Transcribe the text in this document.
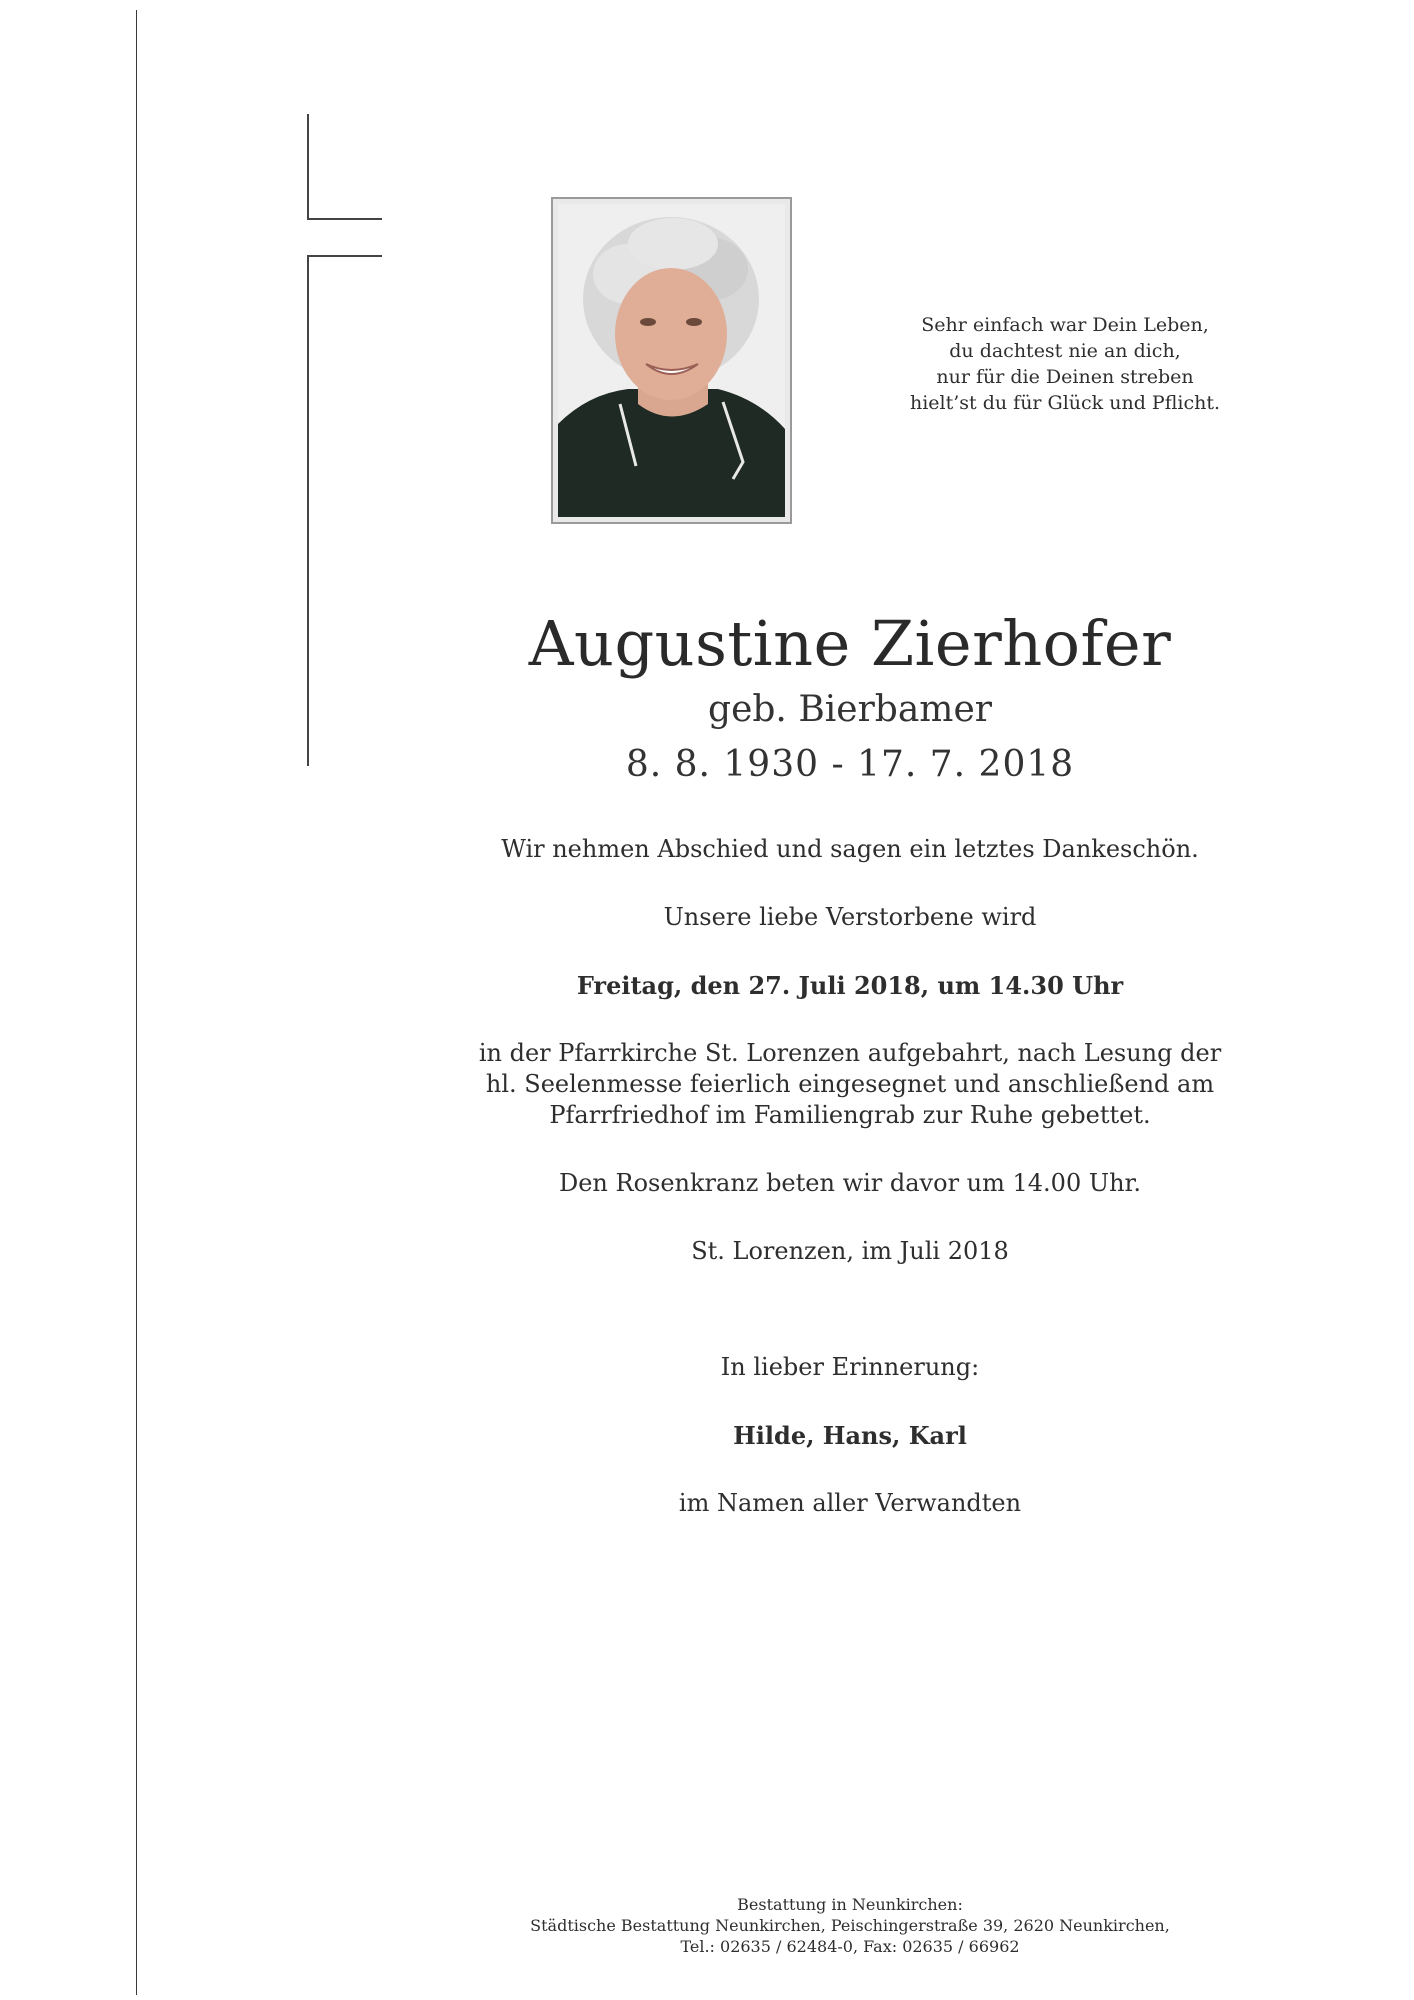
Sehr einfach war Dein Leben,
du dachtest nie an dich,
nur für die Deinen streben
hielt’st du für Glück und Pflicht.
Augustine Zierhofer
geb. Bierbamer
8. 8. 1930 - 17. 7. 2018
Wir nehmen Abschied und sagen ein letztes Dankeschön.
Unsere liebe Verstorbene wird
Freitag, den 27. Juli 2018, um 14.30 Uhr
in der Pfarrkirche St. Lorenzen aufgebahrt, nach Lesung der
hl. Seelenmesse feierlich eingesegnet und anschließend am
Pfarrfriedhof im Familiengrab zur Ruhe gebettet.
Den Rosenkranz beten wir davor um 14.00 Uhr.
St. Lorenzen, im Juli 2018
In lieber Erinnerung:
Hilde, Hans, Karl
im Namen aller Verwandten
Bestattung in Neunkirchen:
Städtische Bestattung Neunkirchen, Peischingerstraße 39, 2620 Neunkirchen,
Tel.: 02635 / 62484-0, Fax: 02635 / 66962
